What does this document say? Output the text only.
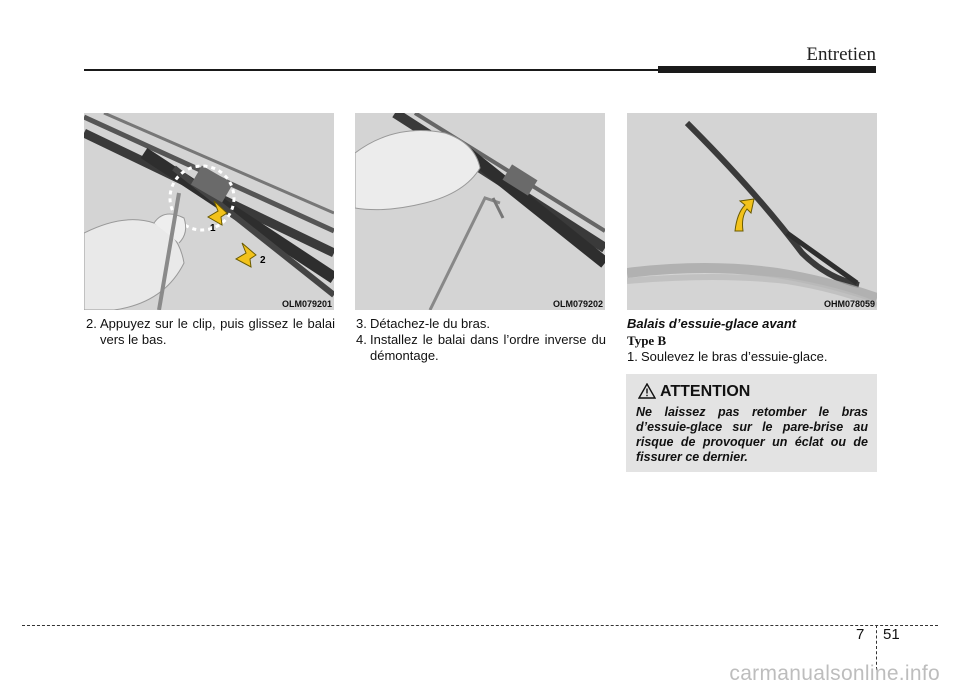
Entretien
1
2
OLM079201	OLM079202	OHM078059
2. Appuyez sur le clip, puis glissez le balai vers le bas.
3. Détachez-le du bras.
4. Installez le balai dans l’ordre inverse du démontage.
Balais d’essuie-glace avant
Type B
1. Soulevez le bras d’essuie-glace.
ATTENTION
Ne laissez pas retomber le bras d’essuie-glace sur le pare-brise au risque de provoquer un éclat ou de fissurer ce dernier.
7 51
carmanualsonline.info
